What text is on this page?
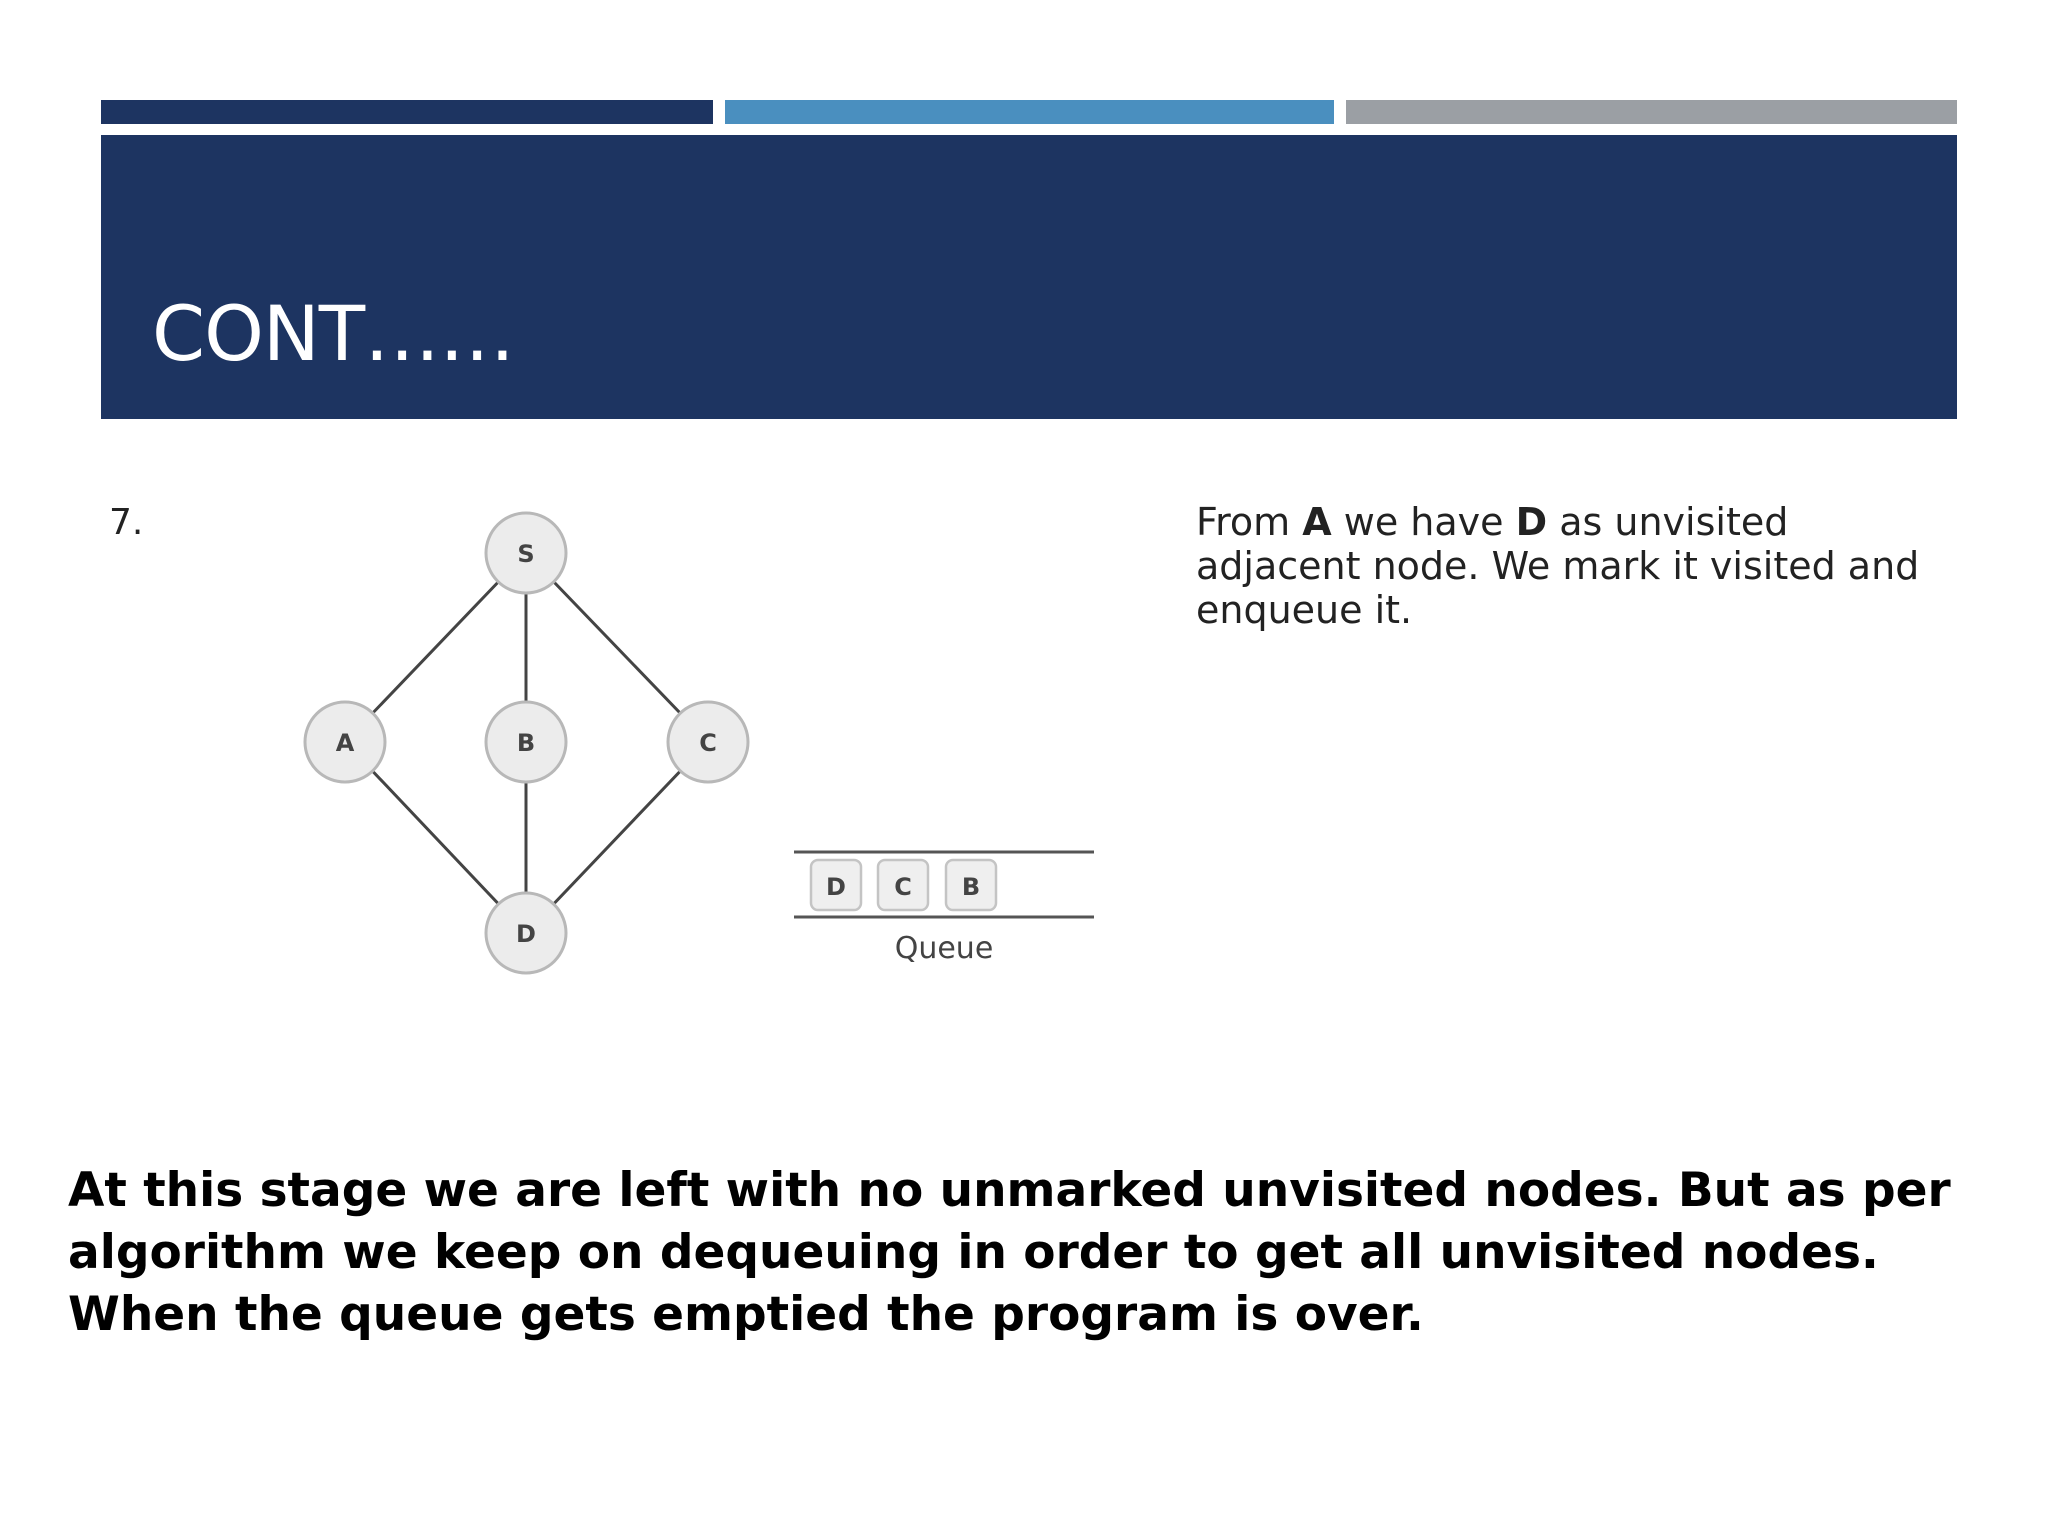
CONT……
7.
S
A	B	C
D
D C B
Queue
From A we have D as unvisited adjacent node. We mark it visited and enqueue it.

At this stage we are left with no unmarked unvisited nodes. But as per

algorithm we keep on dequeuing in order to get all unvisited nodes.

When the queue gets emptied the program is over.
